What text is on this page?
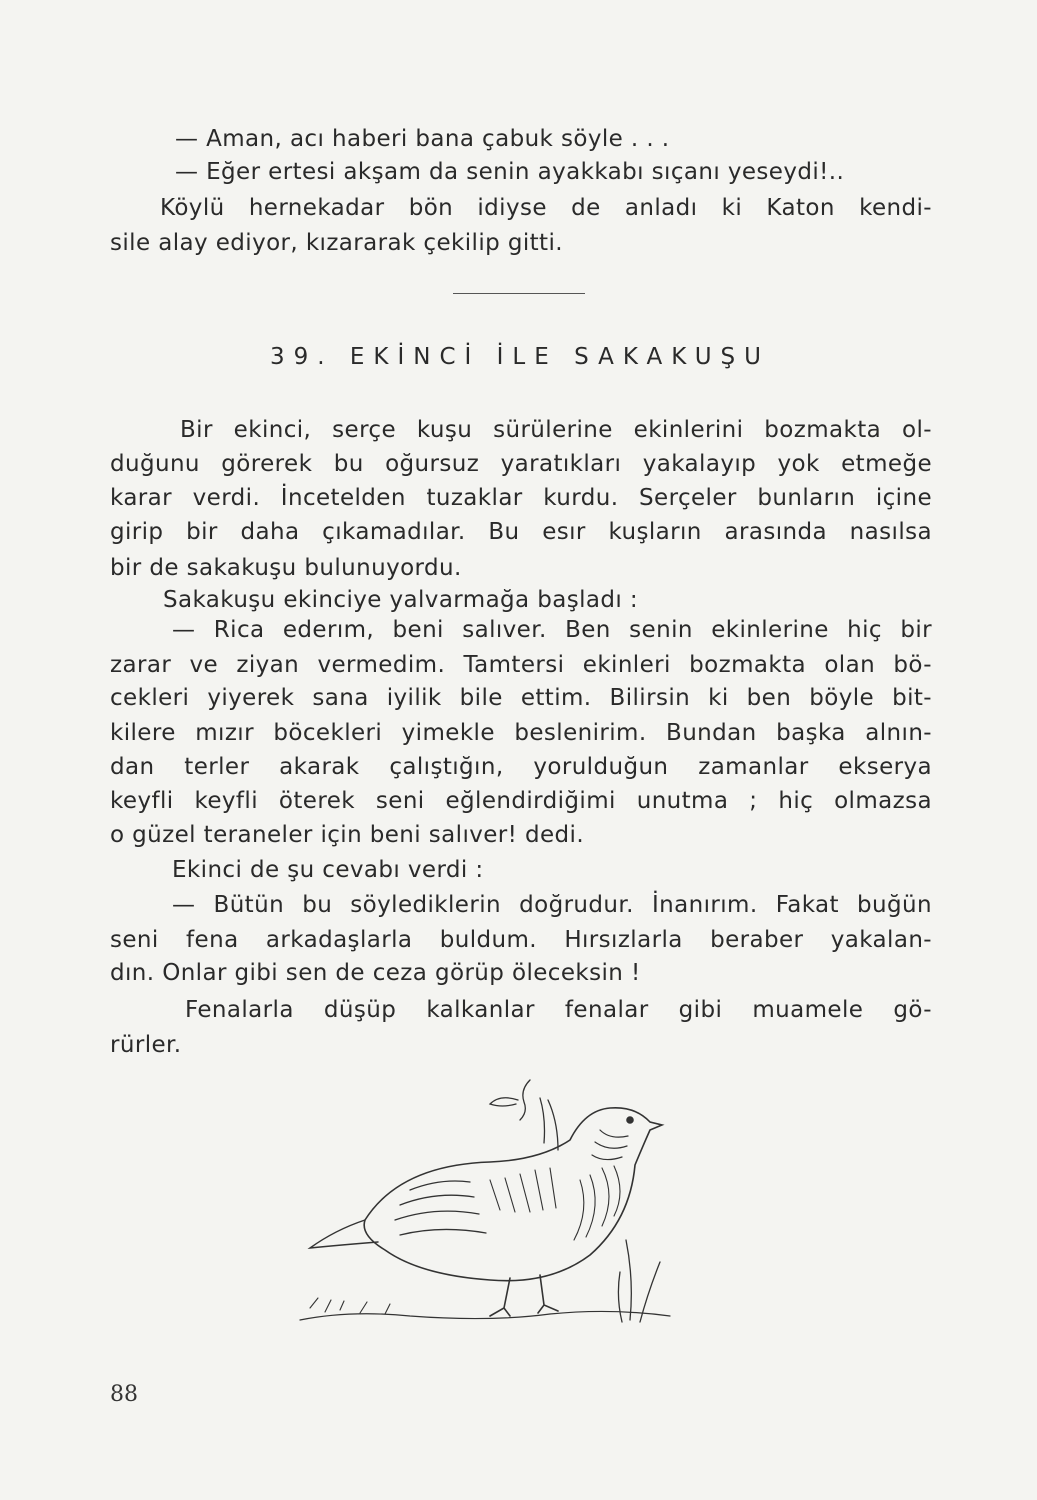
— Aman, acı haberi bana çabuk söyle . . .
— Eğer ertesi akşam da senin ayakkabı sıçanı yeseydi!..
Köylü hernekadar bön idiyse de anladı ki Katon kendi-
sile alay ediyor, kızararak çekilip gitti.
39. EKİNCİ İLE SAKAKUŞU
Bir ekinci, serçe kuşu sürülerine ekinlerini bozmakta ol-
duğunu görerek bu oğursuz yaratıkları yakalayıp yok etmeğe
karar verdi. İncetelden tuzaklar kurdu. Serçeler bunların içine
girip bir daha çıkamadılar. Bu esır kuşların arasında nasılsa
bir de sakakuşu bulunuyordu.
Sakakuşu ekinciye yalvarmağa başladı :
— Rica ederım, beni salıver. Ben senin ekinlerine hiç bir
zarar ve ziyan vermedim. Tamtersi ekinleri bozmakta olan bö-
cekleri yiyerek sana iyilik bile ettim. Bilirsin ki ben böyle bit-
kilere mızır böcekleri yimekle beslenirim. Bundan başka alnın-
dan terler akarak çalıştığın, yorulduğun zamanlar ekserya
keyfli keyfli öterek seni eğlendirdiğimi unutma ; hiç olmazsa
o güzel teraneler için beni salıver! dedi.
Ekinci de şu cevabı verdi :
— Bütün bu söylediklerin doğrudur. İnanırım. Fakat buğün
seni fena arkadaşlarla buldum. Hırsızlarla beraber yakalan-
dın. Onlar gibi sen de ceza görüp öleceksin !
Fenalarla düşüp kalkanlar fenalar gibi muamele gö-
rürler.
88
